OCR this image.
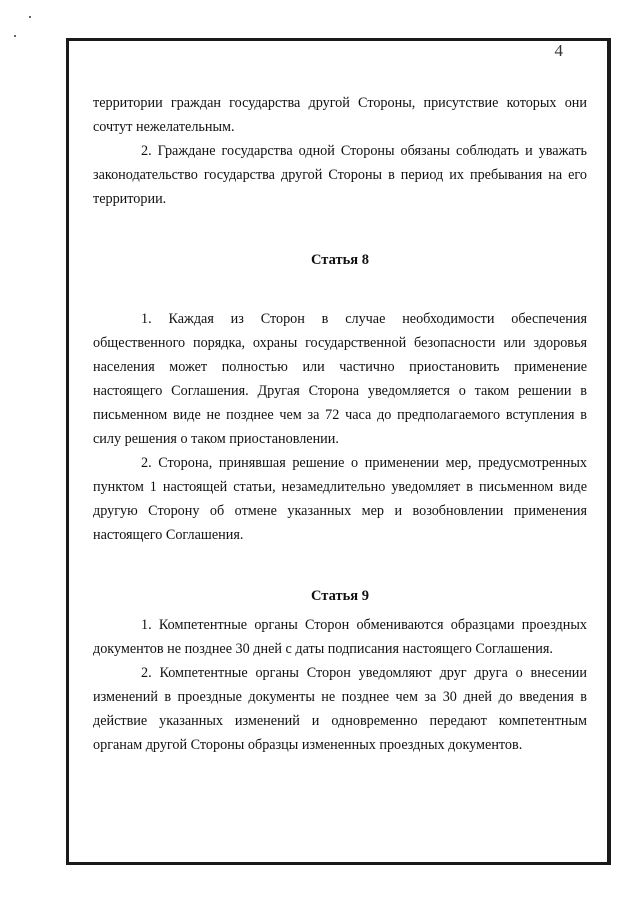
4

территории граждан государства другой Стороны, присутствие которых они сочтут нежелательным.

2. Граждане государства одной Стороны обязаны соблюдать и уважать законодательство государства другой Стороны в период их пребывания на его территории.

Статья 8

1. Каждая из Сторон в случае необходимости обеспечения общественного порядка, охраны государственной безопасности или здоровья населения может полностью или частично приостановить применение настоящего Соглашения. Другая Сторона уведомляется о таком решении в письменном виде не позднее чем за 72 часа до предполагаемого вступления в силу решения о таком приостановлении.

2. Сторона, принявшая решение о применении мер, предусмотренных пунктом 1 настоящей статьи, незамедлительно уведомляет в письменном виде другую Сторону об отмене указанных мер и возобновлении применения настоящего Соглашения.

Статья 9

1. Компетентные органы Сторон обмениваются образцами проездных документов не позднее 30 дней с даты подписания настоящего Соглашения.

2. Компетентные органы Сторон уведомляют друг друга о внесении изменений в проездные документы не позднее чем за 30 дней до введения в действие указанных изменений и одновременно передают компетентным органам другой Стороны образцы измененных проездных документов.
